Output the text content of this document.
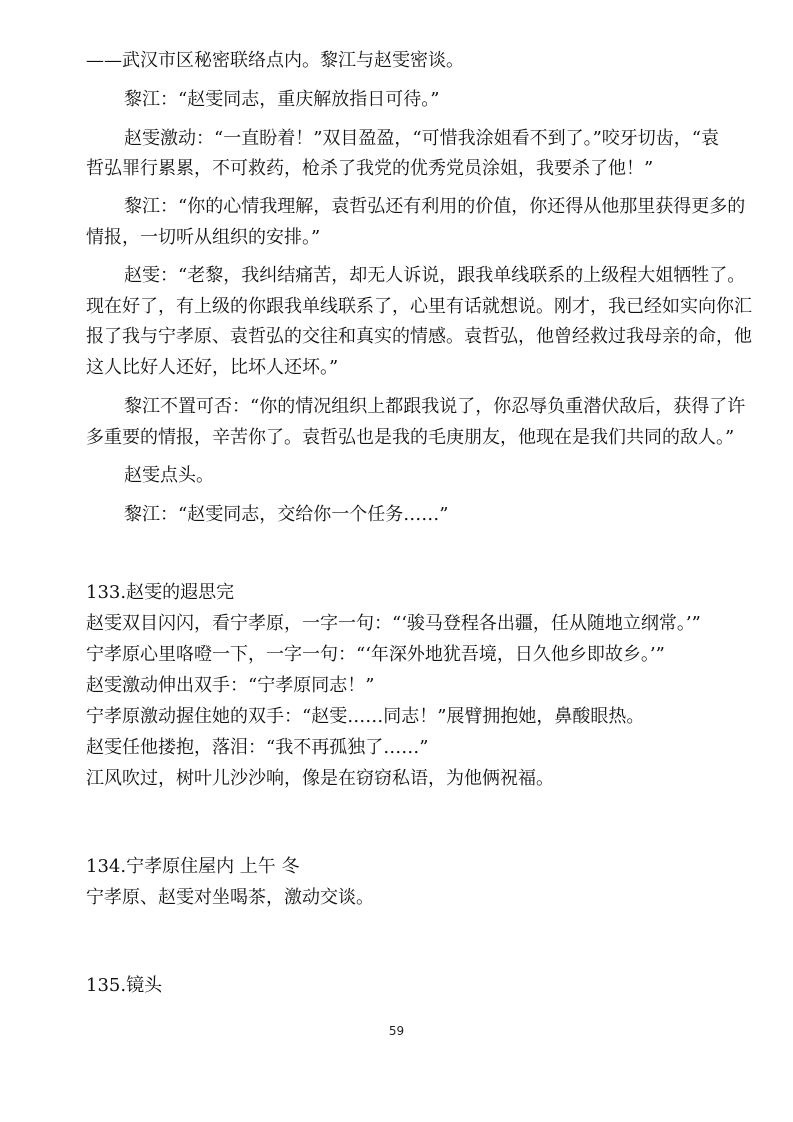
——武汉市区秘密联络点内。黎江与赵雯密谈。
黎江：“赵雯同志，重庆解放指日可待。”
赵雯激动：“一直盼着！”双目盈盈，“可惜我涂姐看不到了。”咬牙切齿，“袁
哲弘罪行累累，不可救药，枪杀了我党的优秀党员涂姐，我要杀了他！”
黎江：“你的心情我理解，袁哲弘还有利用的价值，你还得从他那里获得更多的
情报，一切听从组织的安排。”
赵雯：“老黎，我纠结痛苦，却无人诉说，跟我单线联系的上级程大姐牺牲了。
现在好了，有上级的你跟我单线联系了，心里有话就想说。刚才，我已经如实向你汇
报了我与宁孝原、袁哲弘的交往和真实的情感。袁哲弘，他曾经救过我母亲的命，他
这人比好人还好，比坏人还坏。”
黎江不置可否：“你的情况组织上都跟我说了，你忍辱负重潜伏敌后，获得了许
多重要的情报，辛苦你了。袁哲弘也是我的毛庚朋友，他现在是我们共同的敌人。”
赵雯点头。
黎江：“赵雯同志，交给你一个任务……”
133.赵雯的遐思完
赵雯双目闪闪，看宁孝原，一字一句：“‘骏马登程各出疆，任从随地立纲常。’”
宁孝原心里咯噔一下，一字一句：“‘年深外地犹吾境，日久他乡即故乡。’”
赵雯激动伸出双手：“宁孝原同志！”
宁孝原激动握住她的双手：“赵雯……同志！”展臂拥抱她，鼻酸眼热。
赵雯任他搂抱，落泪：“我不再孤独了……”
江风吹过，树叶儿沙沙响，像是在窃窃私语，为他俩祝福。
134.宁孝原住屋内 上午 冬
宁孝原、赵雯对坐喝茶，激动交谈。
135.镜头
59
